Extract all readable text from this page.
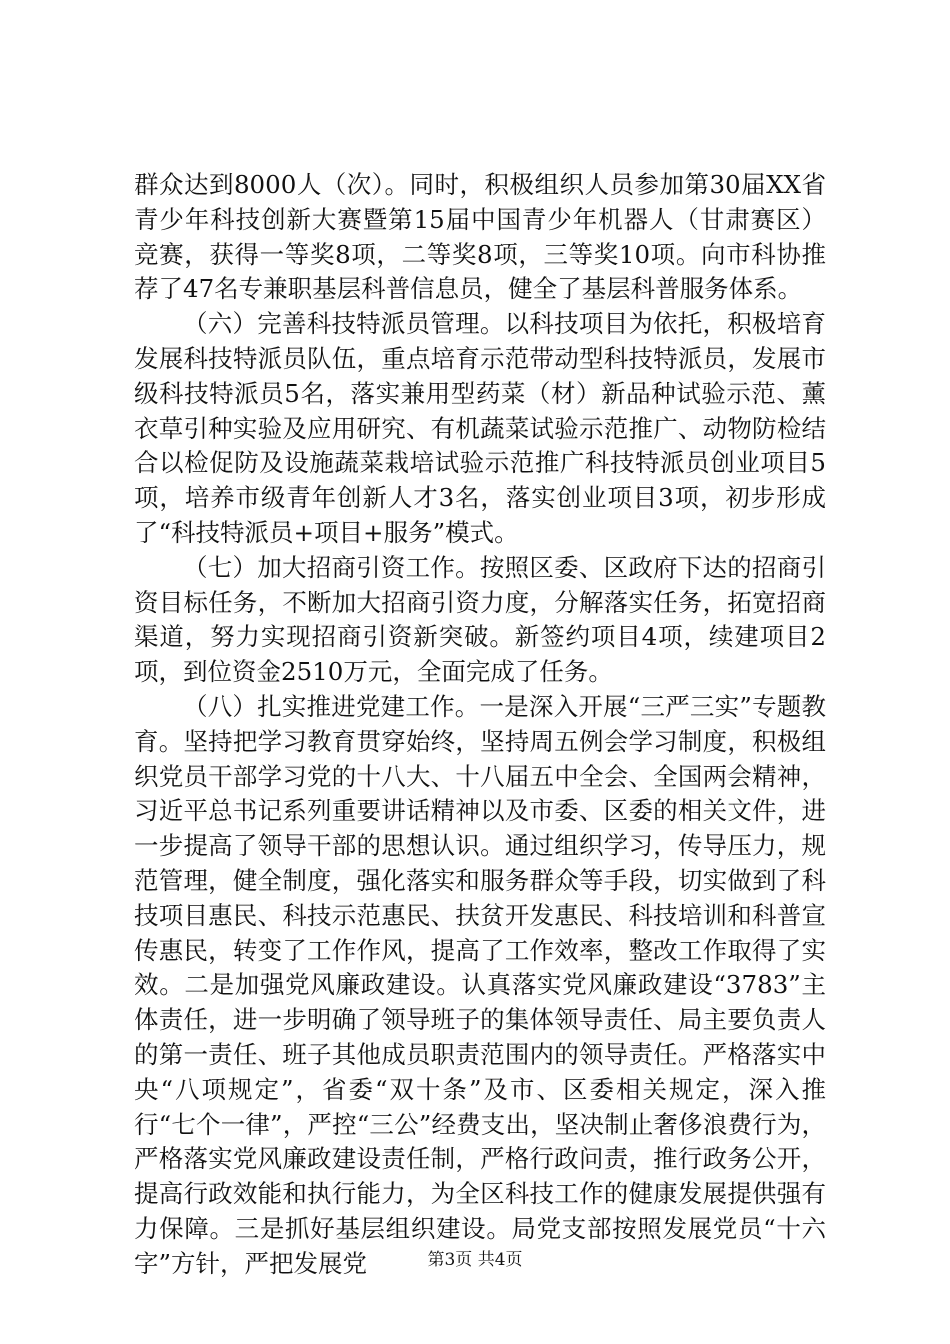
群众达到8000人（次）。同时，积极组织人员参加第30届XX省青少年科技创新大赛暨第15届中国青少年机器人（甘肃赛区）竞赛，获得一等奖8项，二等奖8项，三等奖10项。向市科协推荐了47名专兼职基层科普信息员，健全了基层科普服务体系。

（六）完善科技特派员管理。以科技项目为依托，积极培育发展科技特派员队伍，重点培育示范带动型科技特派员，发展市级科技特派员5名，落实兼用型药菜（材）新品种试验示范、薰衣草引种实验及应用研究、有机蔬菜试验示范推广、动物防检结合以检促防及设施蔬菜栽培试验示范推广科技特派员创业项目5项，培养市级青年创新人才3名，落实创业项目3项，初步形成了“科技特派员+项目+服务”模式。

（七）加大招商引资工作。按照区委、区政府下达的招商引资目标任务，不断加大招商引资力度，分解落实任务，拓宽招商渠道，努力实现招商引资新突破。新签约项目4项，续建项目2项，到位资金2510万元，全面完成了任务。

（八）扎实推进党建工作。一是深入开展“三严三实”专题教育。坚持把学习教育贯穿始终，坚持周五例会学习制度，积极组织党员干部学习党的十八大、十八届五中全会、全国两会精神，习近平总书记系列重要讲话精神以及市委、区委的相关文件，进一步提高了领导干部的思想认识。通过组织学习，传导压力，规范管理，健全制度，强化落实和服务群众等手段，切实做到了科技项目惠民、科技示范惠民、扶贫开发惠民、科技培训和科普宣传惠民，转变了工作作风，提高了工作效率，整改工作取得了实效。二是加强党风廉政建设。认真落实党风廉政建设“3783”主体责任，进一步明确了领导班子的集体领导责任、局主要负责人的第一责任、班子其他成员职责范围内的领导责任。严格落实中央“八项规定”，省委“双十条”及市、区委相关规定，深入推行“七个一律”，严控“三公”经费支出，坚决制止奢侈浪费行为，严格落实党风廉政建设责任制，严格行政问责，推行政务公开，提高行政效能和执行能力，为全区科技工作的健康发展提供强有力保障。三是抓好基层组织建设。局党支部按照发展党员“十六字”方针，严把发展党	第3页 共4页
